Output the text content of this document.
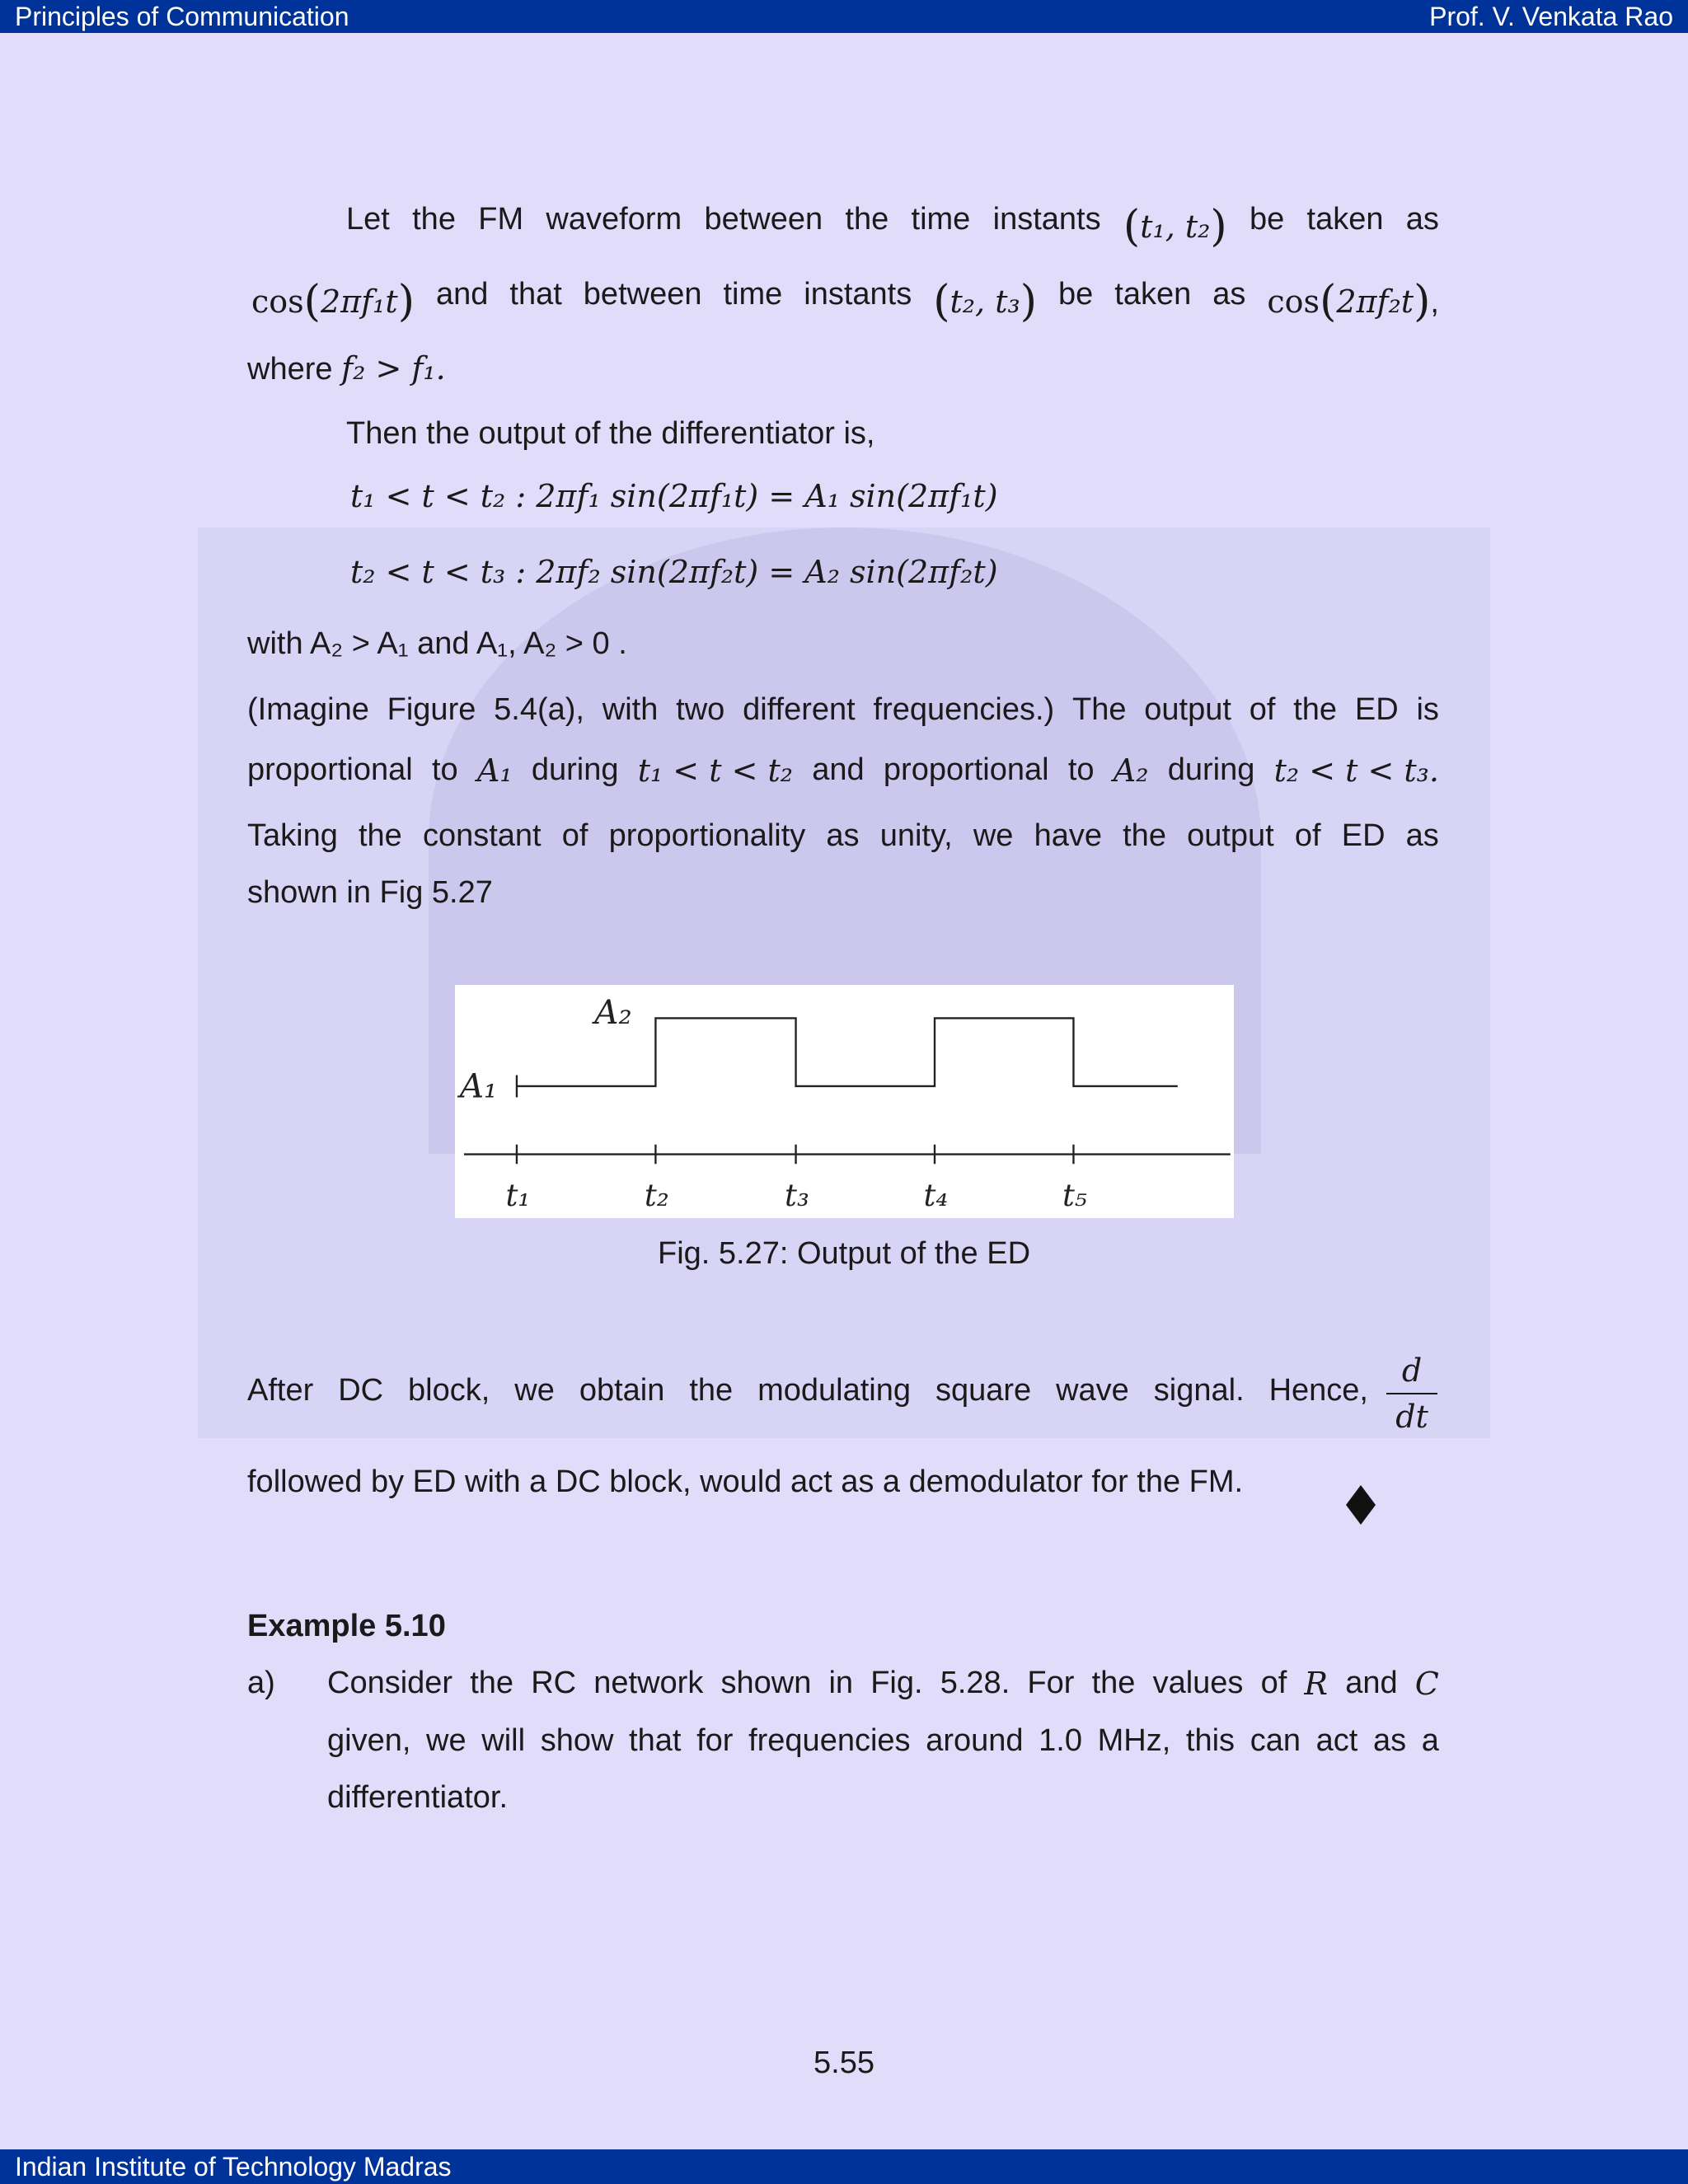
Principles of Communication	Prof. V. Venkata Rao
Let the FM waveform between the time instants (t₁, t₂) be taken as
cos(2πf₁t) and that between time instants (t₂, t₃) be taken as cos(2πf₂t),
where f₂ > f₁.
Then the output of the differentiator is,
t₁ < t < t₂ : 2πf₁ sin(2πf₁t) = A₁ sin(2πf₁t)
t₂ < t < t₃ : 2πf₂ sin(2πf₂t) = A₂ sin(2πf₂t)
with A₂ > A₁ and A₁, A₂ > 0 .
(Imagine Figure 5.4(a), with two different frequencies.) The output of the ED is
proportional to A₁ during t₁ < t < t₂ and proportional to A₂ during t₂ < t < t₃.
Taking the constant of proportionality as unity, we have the output of ED as
shown in Fig 5.27
t₁	t₂	t₃	t₄	t₅
A₁
A₂
Fig. 5.27: Output of the ED
After DC block, we obtain the modulating square wave signal. Hence,
d
dt
followed by ED with a DC block, would act as a demodulator for the FM.
Example 5.10
a) Consider the RC network shown in Fig. 5.28. For the values of R and C
given, we will show that for frequencies around 1.0 MHz, this can act as a
differentiator.
5.55
Indian Institute of Technology Madras
